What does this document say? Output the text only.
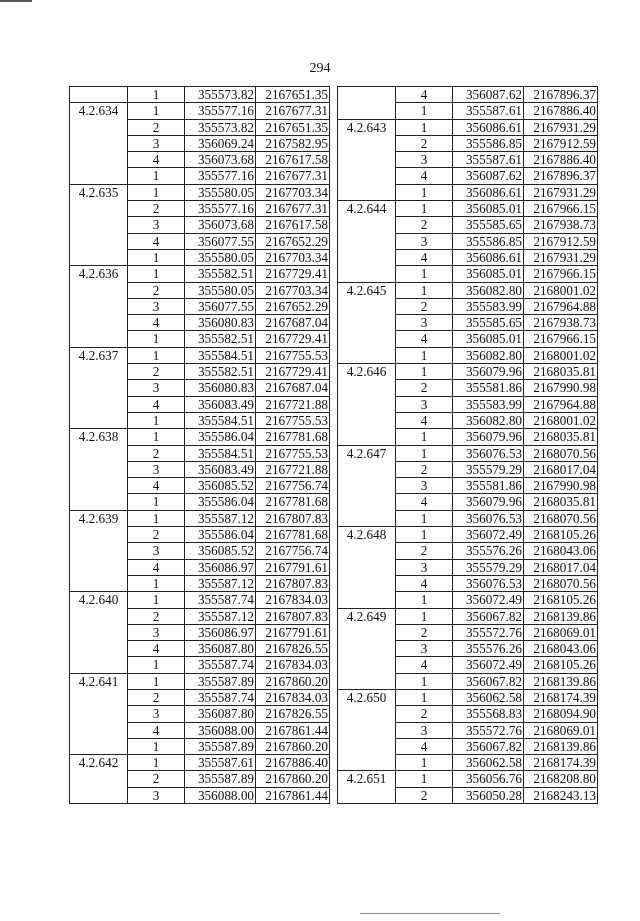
294
	1	355573.82	2167651.35
4.2.634	1	355577.16	2167677.31
	2	355573.82	2167651.35
	3	356069.24	2167582.95
	4	356073.68	2167617.58
	1	355577.16	2167677.31
4.2.635	1	355580.05	2167703.34
	2	355577.16	2167677.31
	3	356073.68	2167617.58
	4	356077.55	2167652.29
	1	355580.05	2167703.34
4.2.636	1	355582.51	2167729.41
	2	355580.05	2167703.34
	3	356077.55	2167652.29
	4	356080.83	2167687.04
	1	355582.51	2167729.41
4.2.637	1	355584.51	2167755.53
	2	355582.51	2167729.41
	3	356080.83	2167687.04
	4	356083.49	2167721.88
	1	355584.51	2167755.53
4.2.638	1	355586.04	2167781.68
	2	355584.51	2167755.53
	3	356083.49	2167721.88
	4	356085.52	2167756.74
	1	355586.04	2167781.68
4.2.639	1	355587.12	2167807.83
	2	355586.04	2167781.68
	3	356085.52	2167756.74
	4	356086.97	2167791.61
	1	355587.12	2167807.83
4.2.640	1	355587.74	2167834.03
	2	355587.12	2167807.83
	3	356086.97	2167791.61
	4	356087.80	2167826.55
	1	355587.74	2167834.03
4.2.641	1	355587.89	2167860.20
	2	355587.74	2167834.03
	3	356087.80	2167826.55
	4	356088.00	2167861.44
	1	355587.89	2167860.20
4.2.642	1	355587.61	2167886.40
	2	355587.89	2167860.20
	3	356088.00	2167861.44
	4	356087.62	2167896.37
	1	355587.61	2167886.40
4.2.643	1	356086.61	2167931.29
	2	355586.85	2167912.59
	3	355587.61	2167886.40
	4	356087.62	2167896.37
	1	356086.61	2167931.29
4.2.644	1	356085.01	2167966.15
	2	355585.65	2167938.73
	3	355586.85	2167912.59
	4	356086.61	2167931.29
	1	356085.01	2167966.15
4.2.645	1	356082.80	2168001.02
	2	355583.99	2167964.88
	3	355585.65	2167938.73
	4	356085.01	2167966.15
	1	356082.80	2168001.02
4.2.646	1	356079.96	2168035.81
	2	355581.86	2167990.98
	3	355583.99	2167964.88
	4	356082.80	2168001.02
	1	356079.96	2168035.81
4.2.647	1	356076.53	2168070.56
	2	355579.29	2168017.04
	3	355581.86	2167990.98
	4	356079.96	2168035.81
	1	356076.53	2168070.56
4.2.648	1	356072.49	2168105.26
	2	355576.26	2168043.06
	3	355579.29	2168017.04
	4	356076.53	2168070.56
	1	356072.49	2168105.26
4.2.649	1	356067.82	2168139.86
	2	355572.76	2168069.01
	3	355576.26	2168043.06
	4	356072.49	2168105.26
	1	356067.82	2168139.86
4.2.650	1	356062.58	2168174.39
	2	355568.83	2168094.90
	3	355572.76	2168069.01
	4	356067.82	2168139.86
	1	356062.58	2168174.39
4.2.651	1	356056.76	2168208.80
	2	356050.28	2168243.13
